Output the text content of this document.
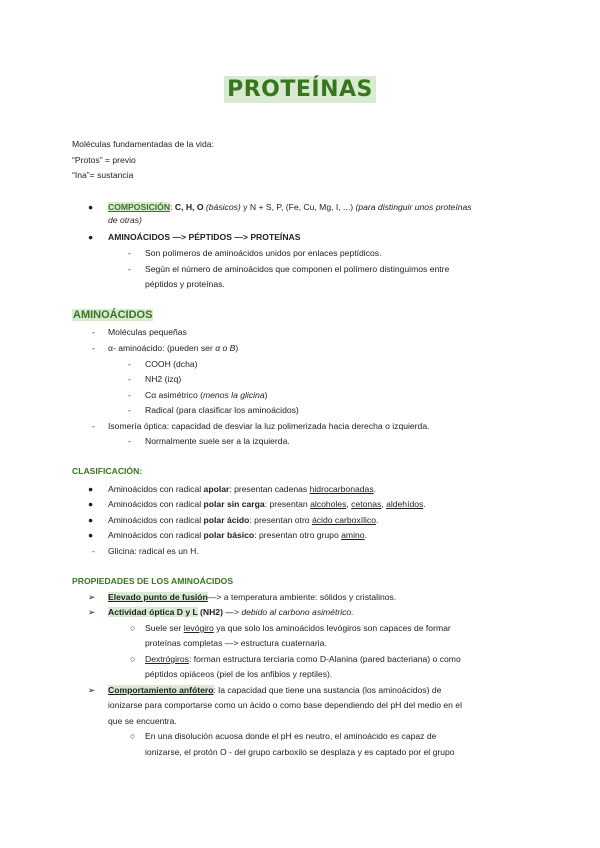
PROTEÍNAS
Moléculas fundamentadas de la vida:
“Protos” = previo
“Ina”= sustancia
● COMPOSICIÓN: C, H, O (básicos) y N + S, P, (Fe, Cu, Mg, I, ...) (para distinguir unos proteínas
de otras)
● AMINOÁCIDOS —> PÉPTIDOS —> PROTEÍNAS
- Son polímeros de aminoácidos unidos por enlaces peptídicos.
- Según el número de aminoácidos que componen el polímero distinguimos entre
péptidos y proteínas.
AMINOÁCIDOS
- Moléculas pequeñas
- α- aminoácido: (pueden ser α o B)
- COOH (dcha)
- NH2 (izq)
- Cα asimétrico (menos la glicina)
- Radical (para clasificar los aminoácidos)
- Isomería óptica: capacidad de desviar la luz polimerizada hacia derecha o izquierda.
- Normalmente suele ser a la izquierda.
CLASIFICACIÓN:
● Aminoácidos con radical apolar: presentan cadenas hidrocarbonadas.
● Aminoácidos con radical polar sin carga: presentan alcoholes, cetonas, aldehídos.
● Aminoácidos con radical polar ácido: presentan otro ácido carboxílico.
● Aminoácidos con radical polar básico: presentan otro grupo amino.
- Glicina: radical es un H.
PROPIEDADES DE LOS AMINOÁCIDOS
➢ Elevado punto de fusión—> a temperatura ambiente: sólidos y cristalinos.
➢ Actividad óptica D y L (NH2) —> debido al carbono asimétrico.
○ Suele ser levógiro ya que solo los aminoácidos levógiros son capaces de formar
proteínas completas —> estructura cuaternaria.
○ Dextrógiros: forman estructura terciaria como D-Alanina (pared bacteriana) o como
péptidos opiáceos (piel de los anfibios y reptiles).
➢ Comportamiento anfótero: la capacidad que tiene una sustancia (los aminoácidos) de
ionizarse para comportarse como un ácido o como base dependiendo del pH del medio en el
que se encuentra.
○ En una disolución acuosa donde el pH es neutro, el aminoácido es capaz de
ionizarse, el protón O - del grupo carboxilo se desplaza y es captado por el grupo
